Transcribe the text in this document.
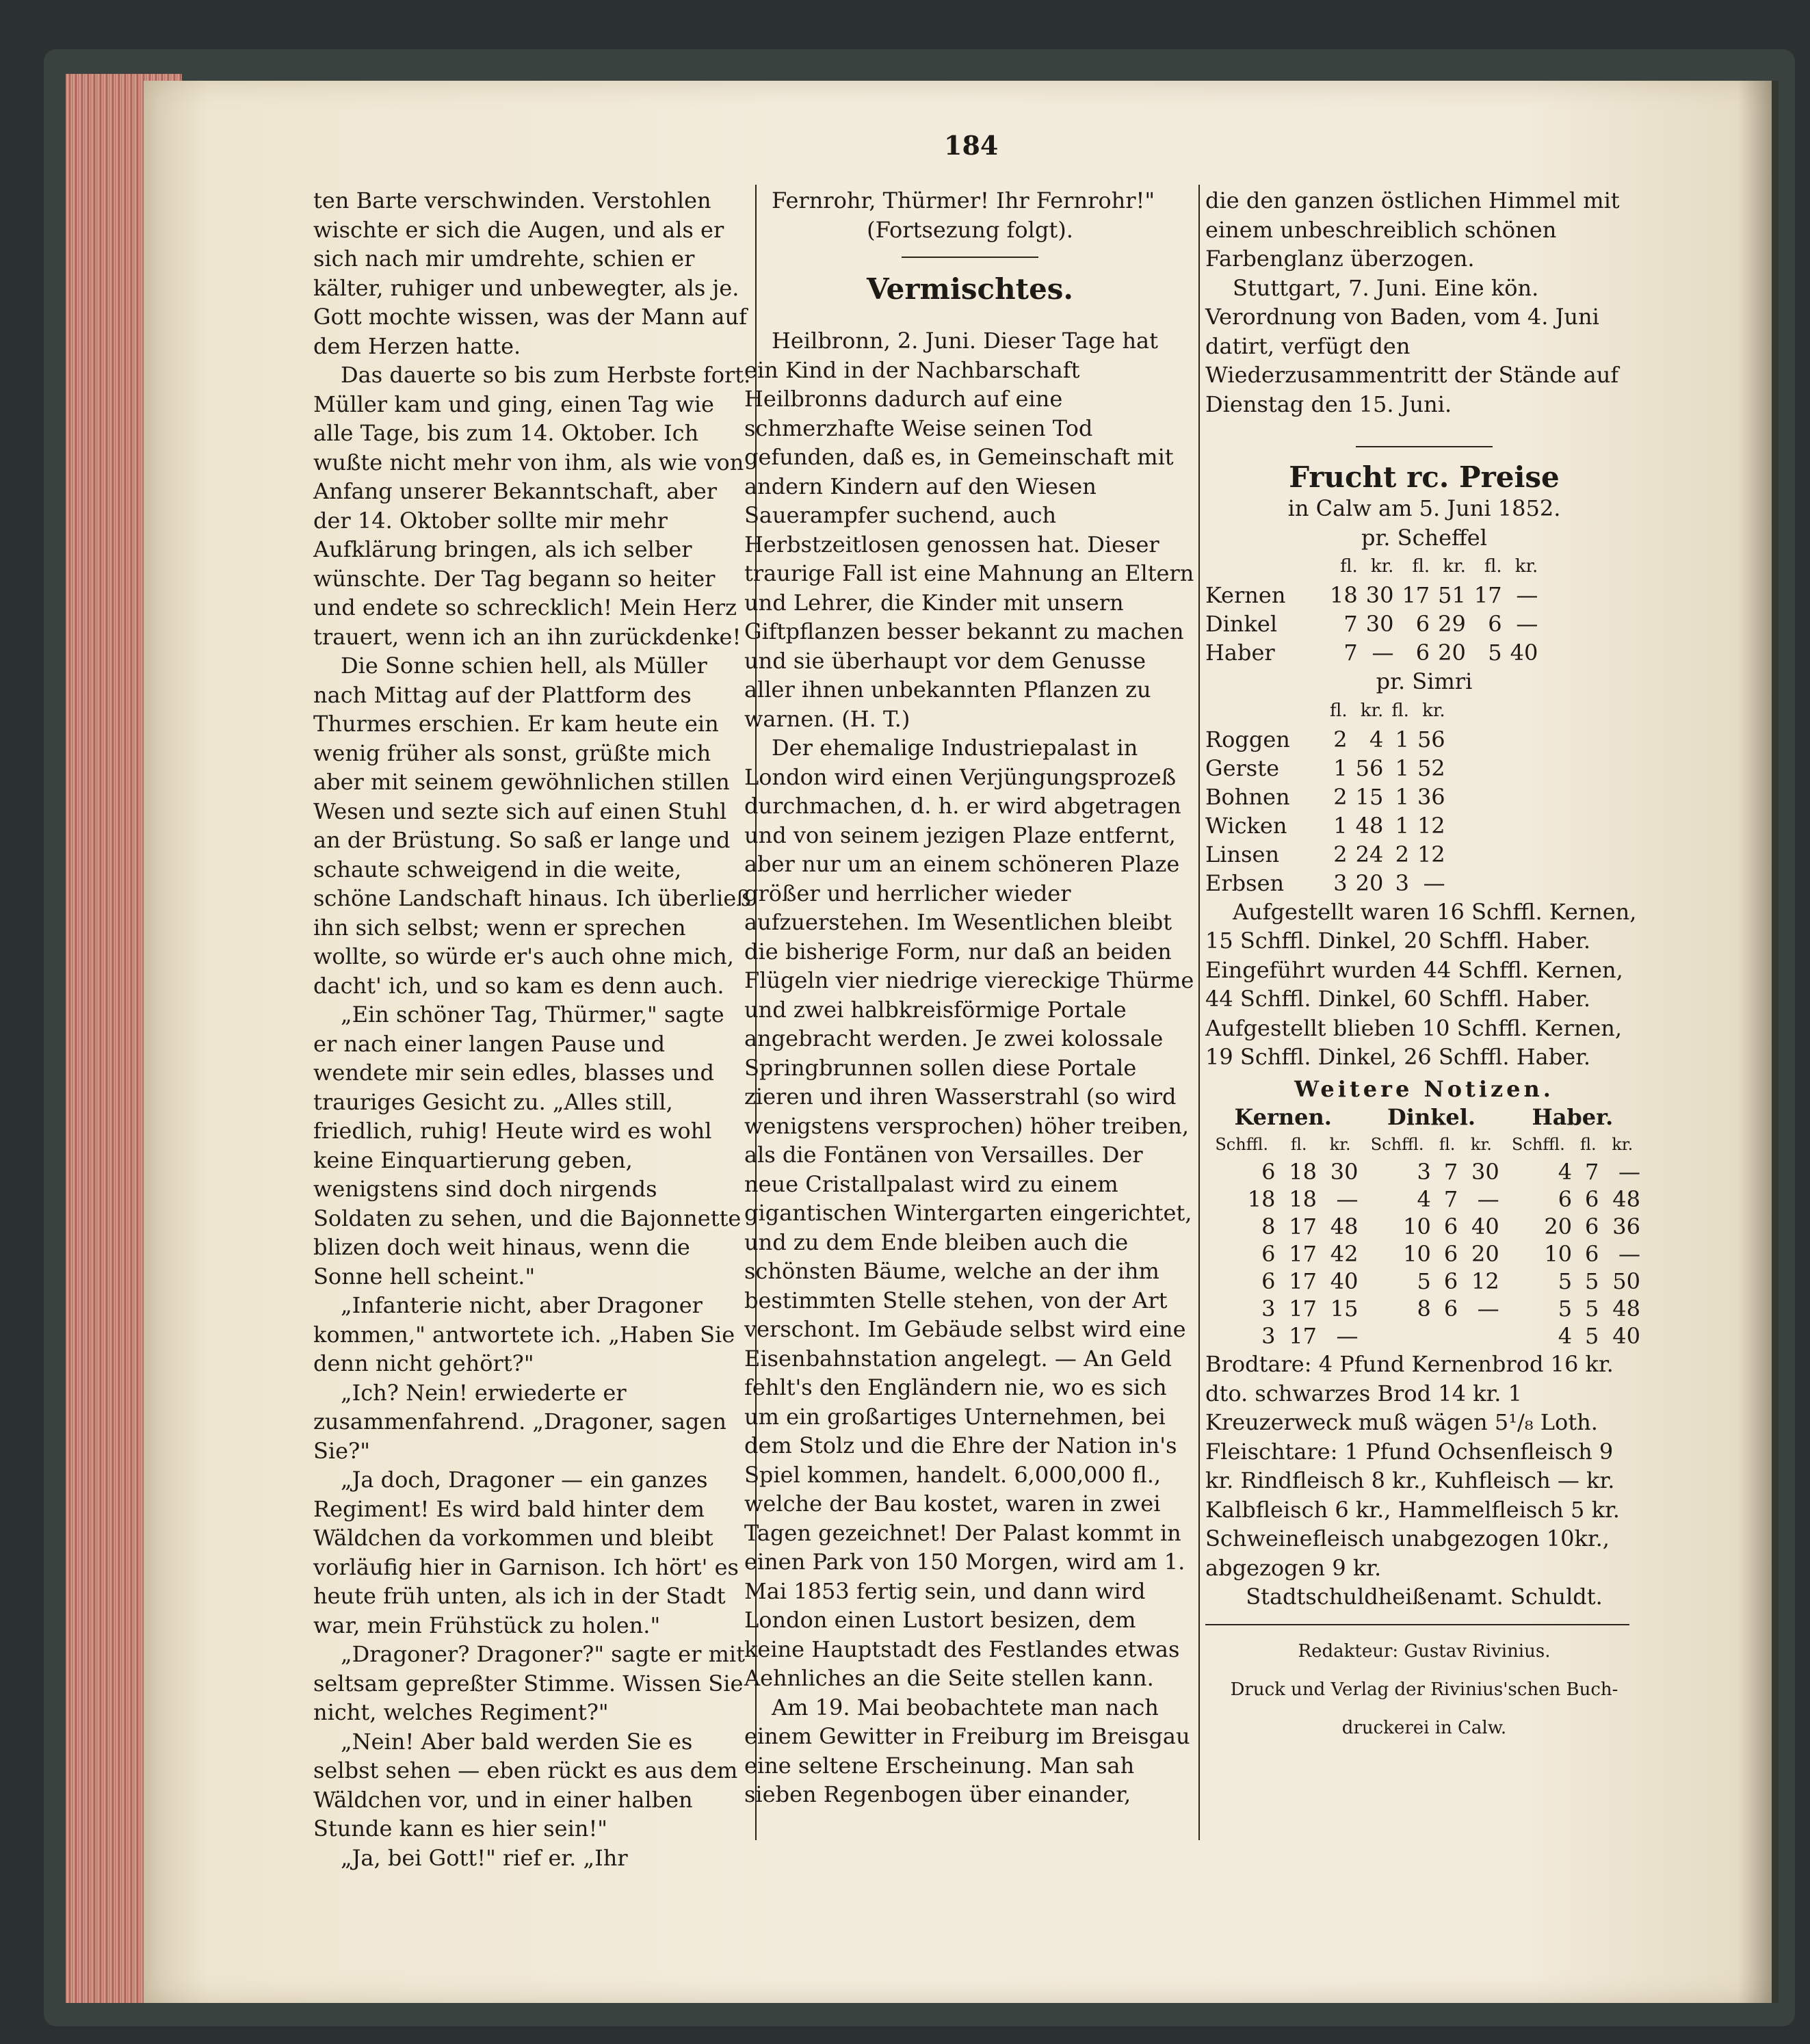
184

ten Barte verschwinden. Verstohlen wischte er sich die Augen, und als er sich nach mir umdrehte, schien er kälter, ruhiger und unbewegter, als je. Gott mochte wissen, was der Mann auf dem Herzen hatte.

Das dauerte so bis zum Herbste fort. Müller kam und ging, einen Tag wie alle Tage, bis zum 14. Oktober. Ich wußte nicht mehr von ihm, als wie von Anfang unserer Bekanntschaft, aber der 14. Oktober sollte mir mehr Aufklärung bringen, als ich selber wünschte. Der Tag begann so heiter und endete so schrecklich! Mein Herz trauert, wenn ich an ihn zurückdenke!

Die Sonne schien hell, als Müller nach Mittag auf der Plattform des Thurmes erschien. Er kam heute ein wenig früher als sonst, grüßte mich aber mit seinem gewöhnlichen stillen Wesen und sezte sich auf einen Stuhl an der Brüstung. So saß er lange und schaute schweigend in die weite, schöne Landschaft hinaus. Ich überließ ihn sich selbst; wenn er sprechen wollte, so würde er's auch ohne mich, dacht' ich, und so kam es denn auch.

„Ein schöner Tag, Thürmer," sagte er nach einer langen Pause und wendete mir sein edles, blasses und trauriges Gesicht zu. „Alles still, friedlich, ruhig! Heute wird es wohl keine Einquartierung geben, wenigstens sind doch nirgends Soldaten zu sehen, und die Bajonnette blizen doch weit hinaus, wenn die Sonne hell scheint."

„Infanterie nicht, aber Dragoner kommen," antwortete ich. „Haben Sie denn nicht gehört?"

„Ich? Nein! erwiederte er zusammenfahrend. „Dragoner, sagen Sie?"

„Ja doch, Dragoner — ein ganzes Regiment! Es wird bald hinter dem Wäldchen da vorkommen und bleibt vorläufig hier in Garnison. Ich hört' es heute früh unten, als ich in der Stadt war, mein Frühstück zu holen."

„Dragoner? Dragoner?" sagte er mit seltsam gepreßter Stimme. Wissen Sie nicht, welches Regiment?"

„Nein! Aber bald werden Sie es selbst sehen — eben rückt es aus dem Wäldchen vor, und in einer halben Stunde kann es hier sein!"

„Ja, bei Gott!" rief er. „Ihr

Fernrohr, Thürmer! Ihr Fernrohr!"

(Fortsezung folgt).

Vermischtes.

Heilbronn, 2. Juni. Dieser Tage hat ein Kind in der Nachbarschaft Heilbronns dadurch auf eine schmerzhafte Weise seinen Tod gefunden, daß es, in Gemeinschaft mit andern Kindern auf den Wiesen Sauerampfer suchend, auch Herbstzeitlosen genossen hat. Dieser traurige Fall ist eine Mahnung an Eltern und Lehrer, die Kinder mit unsern Giftpflanzen besser bekannt zu machen und sie überhaupt vor dem Genusse aller ihnen unbekannten Pflanzen zu warnen. (H. T.)

Der ehemalige Industriepalast in London wird einen Verjüngungsprozeß durchmachen, d. h. er wird abgetragen und von seinem jezigen Plaze entfernt, aber nur um an einem schöneren Plaze größer und herrlicher wieder aufzuerstehen. Im Wesentlichen bleibt die bisherige Form, nur daß an beiden Flügeln vier niedrige viereckige Thürme und zwei halbkreisförmige Portale angebracht werden. Je zwei kolossale Springbrunnen sollen diese Portale zieren und ihren Wasserstrahl (so wird wenigstens versprochen) höher treiben, als die Fontänen von Versailles. Der neue Cristallpalast wird zu einem gigantischen Wintergarten eingerichtet, und zu dem Ende bleiben auch die schönsten Bäume, welche an der ihm bestimmten Stelle stehen, von der Art verschont. Im Gebäude selbst wird eine Eisenbahnstation angelegt. — An Geld fehlt's den Engländern nie, wo es sich um ein großartiges Unternehmen, bei dem Stolz und die Ehre der Nation in's Spiel kommen, handelt. 6,000,000 fl., welche der Bau kostet, waren in zwei Tagen gezeichnet! Der Palast kommt in einen Park von 150 Morgen, wird am 1. Mai 1853 fertig sein, und dann wird London einen Lustort besizen, dem keine Hauptstadt des Festlandes etwas Aehnliches an die Seite stellen kann.

Am 19. Mai beobachtete man nach einem Gewitter in Freiburg im Breisgau eine seltene Erscheinung. Man sah sieben Regenbogen über einander,

die den ganzen östlichen Himmel mit einem unbeschreiblich schönen Farbenglanz überzogen.

Stuttgart, 7. Juni. Eine kön. Verordnung von Baden, vom 4. Juni datirt, verfügt den Wiederzusammentritt der Stände auf Dienstag den 15. Juni.

Frucht rc. Preise

in Calw am 5. Juni 1852.

pr. Scheffel

	fl.	kr.	fl.	kr.	fl.	kr.
Kernen	18	30	17	51	17	—
Dinkel	7	30	6	29	6	—
Haber	7	—	6	20	5	40

pr. Simri

	fl.	kr.	fl.	kr.
Roggen	2	4	1	56
Gerste	1	56	1	52
Bohnen	2	15	1	36
Wicken	1	48	1	12
Linsen	2	24	2	12
Erbsen	3	20	3	—

Aufgestellt waren 16 Schffl. Kernen, 15 Schffl. Dinkel, 20 Schffl. Haber. Eingeführt wurden 44 Schffl. Kernen, 44 Schffl. Dinkel, 60 Schffl. Haber. Aufgestellt blieben 10 Schffl. Kernen, 19 Schffl. Dinkel, 26 Schffl. Haber.

Weitere Notizen.
Kernen.			Dinkel.			Haber.		
Schffl.	fl.	kr.	Schffl.	fl.	kr.	Schffl.	fl.	kr.
6	18	30	3	7	30	4	7	—
18	18	—	4	7	—	6	6	48
8	17	48	10	6	40	20	6	36
6	17	42	10	6	20	10	6	—
6	17	40	5	6	12	5	5	50
3	17	15	8	6	—	5	5	48
3	17	—				4	5	40

Brodtare: 4 Pfund Kernenbrod 16 kr. dto. schwarzes Brod 14 kr. 1 Kreuzerweck muß wägen 5¹/₈ Loth. Fleischtare: 1 Pfund Ochsenfleisch 9 kr. Rindfleisch 8 kr., Kuhfleisch — kr. Kalbfleisch 6 kr., Hammelfleisch 5 kr. Schweinefleisch unabgezogen 10kr., abgezogen 9 kr.

Stadtschuldheißenamt. Schuldt.

Redakteur: Gustav Rivinius.
Druck und Verlag der Rivinius'schen Buch-
druckerei in Calw.
